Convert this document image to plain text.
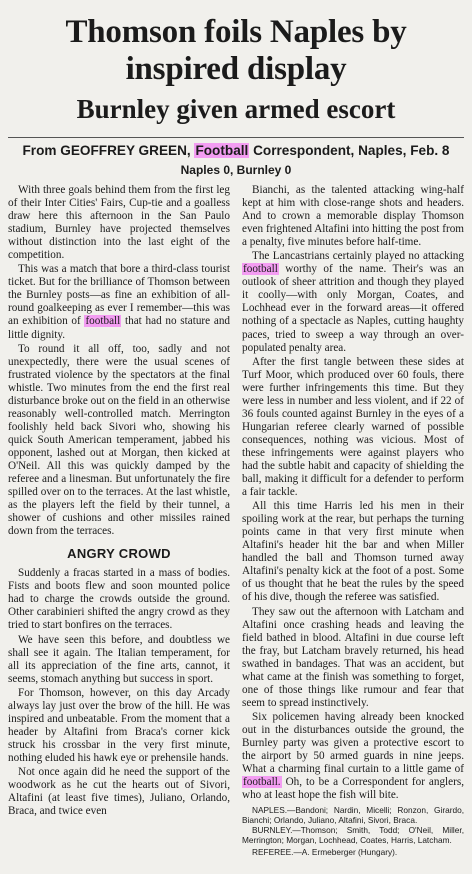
Thomson foils Naples by inspired display
Burnley given armed escort
From GEOFFREY GREEN, Football Correspondent, Naples, Feb. 8
Naples 0, Burnley 0

With three goals behind them from the first leg of their Inter Cities' Fairs, Cup-tie and a goalless draw here this afternoon in the San Paulo stadium, Burnley have projected themselves without distinction into the last eight of the competition.

This was a match that bore a third-class tourist ticket. But for the brilliance of Thomson between the Burnley posts—as fine an exhibition of all-round goalkeeping as ever I remember—this was an exhibition of football that had no stature and little dignity.

To round it all off, too, sadly and not unexpectedly, there were the usual scenes of frustrated violence by the spectators at the final whistle. Two minutes from the end the first real disturbance broke out on the field in an otherwise reasonably well-controlled match. Merrington foolishly held back Sivori who, showing his quick South American temperament, jabbed his opponent, lashed out at Morgan, then kicked at O'Neil. All this was quickly damped by the referee and a linesman. But unfortunately the fire spilled over on to the terraces. At the last whistle, as the players left the field by their tunnel, a shower of cushions and other missiles rained down from the terraces.

ANGRY CROWD

Suddenly a fracas started in a mass of bodies. Fists and boots flew and soon mounted police had to charge the crowds outside the ground. Other carabinieri shifted the angry crowd as they tried to start bonfires on the terraces.

We have seen this before, and doubtless we shall see it again. The Italian temperament, for all its appreciation of the fine arts, cannot, it seems, stomach anything but success in sport.

For Thomson, however, on this day Arcady always lay just over the brow of the hill. He was inspired and unbeatable. From the moment that a header by Altafini from Braca's corner kick struck his crossbar in the very first minute, nothing eluded his hawk eye or prehensile hands.

Not once again did he need the support of the woodwork as he cut the hearts out of Sivori, Altafini (at least five times), Juliano, Orlando, Braca, and twice even

Bianchi, as the talented attacking wing-half kept at him with close-range shots and headers. And to crown a memorable display Thomson even frightened Altafini into hitting the post from a penalty, five minutes before half-time.

The Lancastrians certainly played no attacking football worthy of the name. Their's was an outlook of sheer attrition and though they played it coolly—with only Morgan, Coates, and Lochhead ever in the forward areas—it offered nothing of a spectacle as Naples, cutting haughty paces, tried to sweep a way through an over-populated penalty area.

After the first tangle between these sides at Turf Moor, which produced over 60 fouls, there were further infringements this time. But they were less in number and less violent, and if 22 of 36 fouls counted against Burnley in the eyes of a Hungarian referee clearly warned of possible consequences, nothing was vicious. Most of these infringements were against players who had the subtle habit and capacity of shielding the ball, making it difficult for a defender to perform a fair tackle.

All this time Harris led his men in their spoiling work at the rear, but perhaps the turning points came in that very first minute when Altafini's header hit the bar and when Miller handled the ball and Thomson turned away Altafini's penalty kick at the foot of a post. Some of us thought that he beat the rules by the speed of his dive, though the referee was satisfied.

They saw out the afternoon with Latcham and Altafini once crashing heads and leaving the field bathed in blood. Altafini in due course left the fray, but Latcham bravely returned, his head swathed in bandages. That was an accident, but what came at the finish was something to forget, one of those things like rumour and fear that seem to spread instinctively.

Six policemen having already been knocked out in the disturbances outside the ground, the Burnley party was given a protective escort to the airport by 50 armed guards in nine jeeps. What a charming final curtain to a little game of football. Oh, to be a Correspondent for anglers, who at least hope the fish will bite.

NAPLES.—Bandoni; Nardin, Micelli; Ronzon, Girardo, Bianchi; Orlando, Juliano, Altafini, Sivori, Braca.

BURNLEY.—Thomson; Smith, Todd; O'Neil, Miller, Merrington; Morgan, Lochhead, Coates, Harris, Latcham.

REFEREE.—A. Ermeberger (Hungary).
